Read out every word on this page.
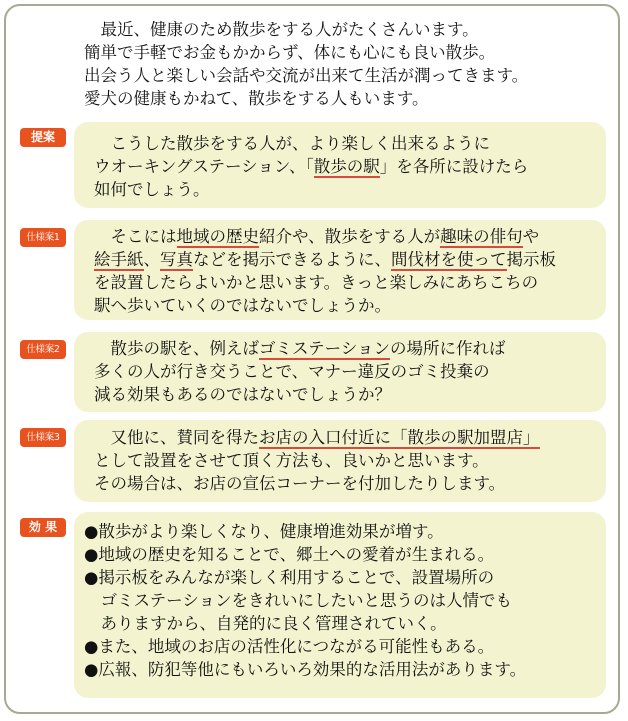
　最近、健康のため散歩をする人がたくさんいます。
簡単で手軽でお金もかからず、体にも心にも良い散歩。
出会う人と楽しい会話や交流が出来て生活が潤ってきます。
愛犬の健康もかねて、散歩をする人もいます。
提案	　こうした散歩をする人が、より楽しく出来るように
ウオーキングステーション、「散歩の駅」を各所に設けたら
如何でしょう。
仕様案1	　そこには地域の歴史紹介や、散歩をする人が趣味の俳句や
絵手紙、写真などを掲示できるように、間伐材を使って掲示板
を設置したらよいかと思います。きっと楽しみにあちこちの
駅へ歩いていくのではないでしょうか。
仕様案2	　散歩の駅を、例えばゴミステーションの場所に作れば
多くの人が行き交うことで、マナー違反のゴミ投棄の
減る効果もあるのではないでしょうか？
仕様案3	　又他に、賛同を得たお店の入口付近に「散歩の駅加盟店」
として設置をさせて頂く方法も、良いかと思います。
その場合は、お店の宣伝コーナーを付加したりします。
効 果	●散歩がより楽しくなり、健康増進効果が増す。
●地域の歴史を知ることで、郷土への愛着が生まれる。
●掲示板をみんなが楽しく利用することで、設置場所の
　ゴミステーションをきれいにしたいと思うのは人情でも
　ありますから、自発的に良く管理されていく。
●また、地域のお店の活性化につながる可能性もある。
●広報、防犯等他にもいろいろ効果的な活用法があります。
